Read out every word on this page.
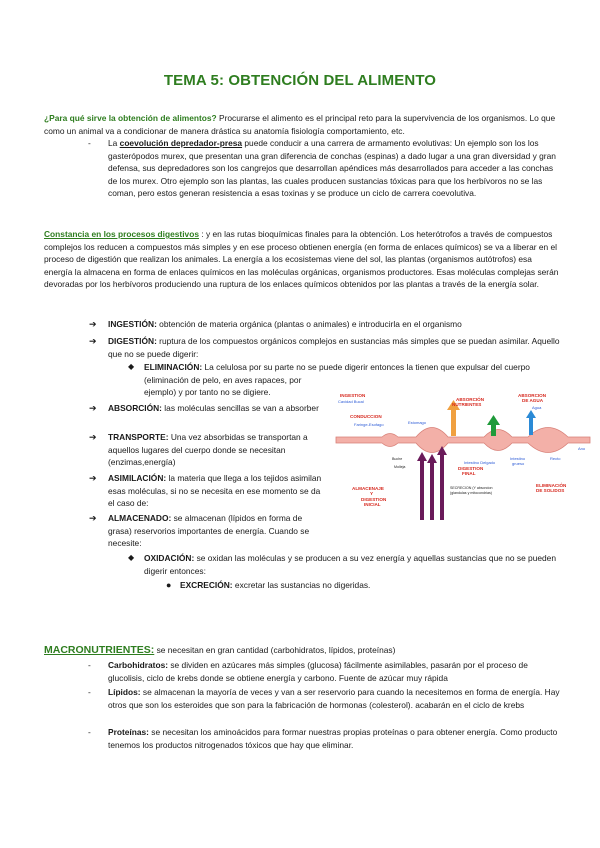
TEMA 5: OBTENCIÓN DEL ALIMENTO
¿Para qué sirve la obtención de alimentos? Procurarse el alimento es el principal reto para la supervivencia de los organismos. Lo que como un animal va a condicionar de manera drástica su anatomía fisiología comportamiento, etc.
- La coevolución depredador-presa puede conducir a una carrera de armamento evolutivas: Un ejemplo son los los gasterópodos murex, que presentan una gran diferencia de conchas (espinas) a dado lugar a una gran diversidad y gran defensa, sus depredadores son los cangrejos que desarrollan apéndices más desarrollados para acceder a las conchas de los murex. Otro ejemplo son las plantas, las cuales producen sustancias tóxicas para que los herbívoros no se las coman, pero estos generan resistencia a esas toxinas y se produce un ciclo de carrera coevolutiva.
Constancia en los procesos digestivos : y en las rutas bioquímicas finales para la obtención. Los heterótrofos a través de compuestos complejos los reducen a compuestos más simples y en ese proceso obtienen energía (en forma de enlaces químicos) se va a liberar en el proceso de digestión que realizan los animales. La energía a los ecosistemas viene del sol, las plantas (organismos autótrofos) esa energía la almacena en forma de enlaces químicos en las moléculas orgánicas, organismos productores. Esas moléculas complejas serán devoradas por los herbívoros produciendo una ruptura de los enlaces químicos obtenidos por las plantas a través de la energía solar.
➔ INGESTIÓN: obtención de materia orgánica (plantas o animales) e introducirla en el organismo
➔ DIGESTIÓN: ruptura de los compuestos orgánicos complejos en sustancias más simples que se puedan asimilar. Aquello que no se puede digerir:
◆ ELIMINACIÓN: La celulosa por su parte no se puede digerir entonces la tienen que expulsar del cuerpo
(eliminación de pelo, en aves rapaces, por
ejemplo) y por tanto no se digiere.
➔ ABSORCIÓN: las moléculas sencillas se van a absorber
➔ TRANSPORTE: Una vez absorbidas se transportan a aquellos lugares del cuerpo donde se necesitan (enzimas,energía)
➔ ASIMILACIÓN: la materia que llega a los tejidos asimilan esas moléculas, si no se necesita en ese momento se da el caso de:
➔ ALMACENADO: se almacenan (lípidos en forma de grasa) reservorios importantes de energía. Cuando se necesite:
◆ OXIDACIÓN: se oxidan las moléculas y se producen a su vez energía y aquellas sustancias que no se pueden digerir entonces:
● EXCRECIÓN: excretar las sustancias no digeridas.
INGESTION
CONDUCCION
ABSORCIÓN
NUTRIENTES
ABSORCION
DE AGUA
DIGESTION
FINAL
ALMACENAJE
Y
DIGESTION
INICIAL
ELIMINACIÓN
DE SOLIDOS
Cavidad Bucal
Faringe-Esofago	Estomago
Agua
Ano
Intestino Delgado
Intestino
grueso
Recto
Buche
Molleja
SECRECION (Y absorcion
(glandulas y mitocondrias)
MACRONUTRIENTES: se necesitan en gran cantidad (carbohidratos, lípidos, proteínas)
- Carbohidratos: se dividen en azúcares más simples (glucosa) fácilmente asimilables, pasarán por el proceso de glucolisis, ciclo de krebs donde se obtiene energía y carbono. Fuente de azúcar muy rápida
- Lípidos: se almacenan la mayoría de veces y van a ser reservorio para cuando la necesitemos en forma de energía. Hay otros que son los esteroides que son para la fabricación de hormonas (colesterol). acabarán en el ciclo de krebs
- Proteínas: se necesitan los aminoácidos para formar nuestras propias proteínas o para obtener energía. Como producto tenemos los productos nitrogenados tóxicos que hay que eliminar.
